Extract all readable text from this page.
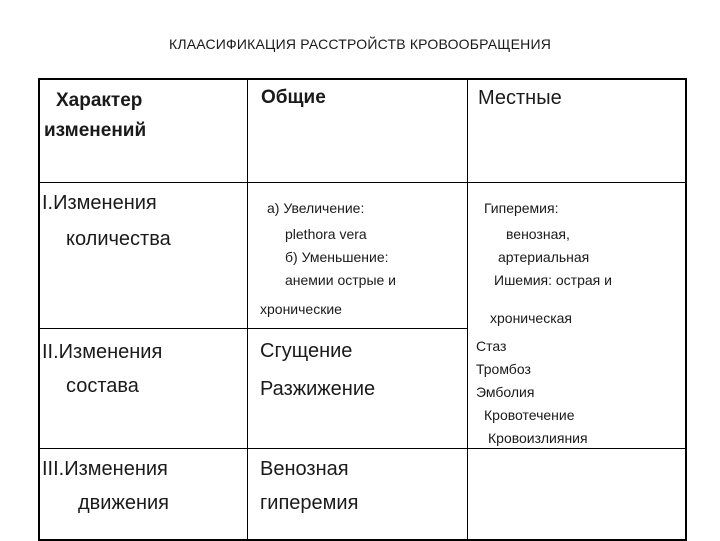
КЛААСИФИКАЦИЯ РАССТРОЙСТВ КРОВООБРАЩЕНИЯ
Характер
изменений
Общие	Местные
I.Изменения
количества
а) Увеличение:
plethora vera
б) Уменьшение:
анемии острые и
хронические
Гиперемия:
венозная,
артериальная
Ишемия: острая и
хроническая
II.Изменения
состава
Сгущение
Разжижение
Стаз
Тромбоз
Эмболия
Кровотечение
Кровоизлияния
III.Изменения
движения
Венозная
гиперемия
